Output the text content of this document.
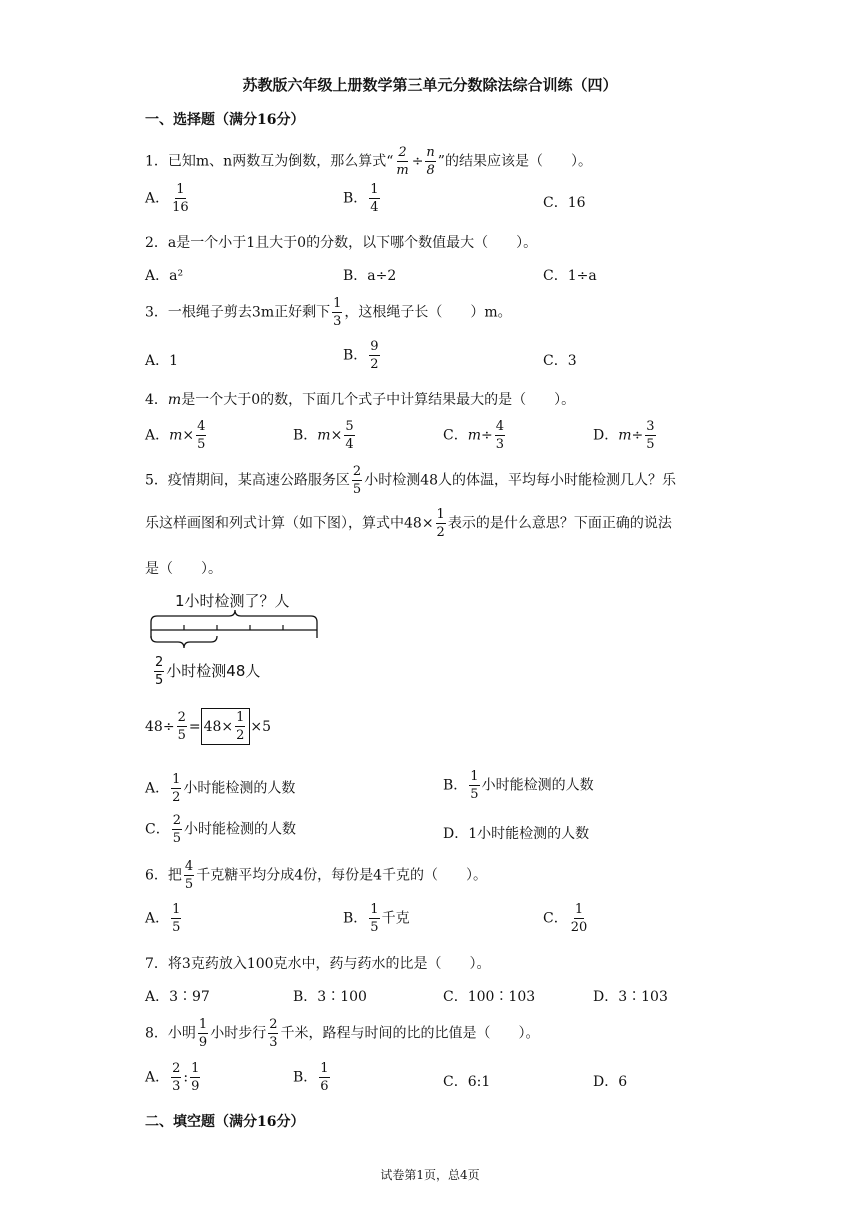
苏教版六年级上册数学第三单元分数除法综合训练（四）
一、选择题（满分16分）
1．已知m、n两数互为倒数，那么算式“ $\frac{2}{m} \div \frac{n}{8}$ ”的结果应该是（　　）。
A． $\frac{1}{16}$	B． $\frac{1}{4}$	C．16
2．a是一个小于1且大于0的分数，以下哪个数值最大（　　）。
A．a²	B．a÷2	C．1÷a
3．一根绳子剪去3m正好剩下 $\frac{1}{3}$ ，这根绳子长（　　）m。
A．1	B． $\frac{9}{2}$	C．3
4．m是一个大于0的数，下面几个式子中计算结果最大的是（　　）。
A．$m\times \frac{4}{5}$	B．$m\times \frac{5}{4}$	C．$m\div \frac{4}{3}$	D．$m\div \frac{3}{5}$
5．疫情期间，某高速公路服务区 $\frac{2}{5}$ 小时检测48人的体温，平均每小时能检测几人？乐
乐这样画图和列式计算（如下图），算式中$48\times \frac{1}{2}$ 表示的是什么意思？下面正确的说法
是（　　）。
1小时检测了？人
$\frac{2}{5}$ 小时检测48人
$48 \div \frac{2}{5} = 48\times \frac{1}{2} \times 5$
A． $\frac{1}{2}$ 小时能检测的人数	B． $\frac{1}{5}$ 小时能检测的人数
C． $\frac{2}{5}$ 小时能检测的人数	D．1小时能检测的人数
6．把 $\frac{4}{5}$ 千克糖平均分成4份，每份是4千克的（　　）。
A． $\frac{1}{5}$	B． $\frac{1}{5}$ 千克	C． $\frac{1}{20}$
7．将3克药放入100克水中，药与药水的比是（　　）。
A．3∶97	B．3∶100	C．100∶103	D．3∶103
8．小明 $\frac{1}{9}$ 小时步行 $\frac{2}{3}$ 千米，路程与时间的比的比值是（　　）。
A． $\frac{2}{3}$ : $\frac{1}{9}$	B． $\frac{1}{6}$	C．6:1	D．6
二、填空题（满分16分）
试卷第1页，总4页
